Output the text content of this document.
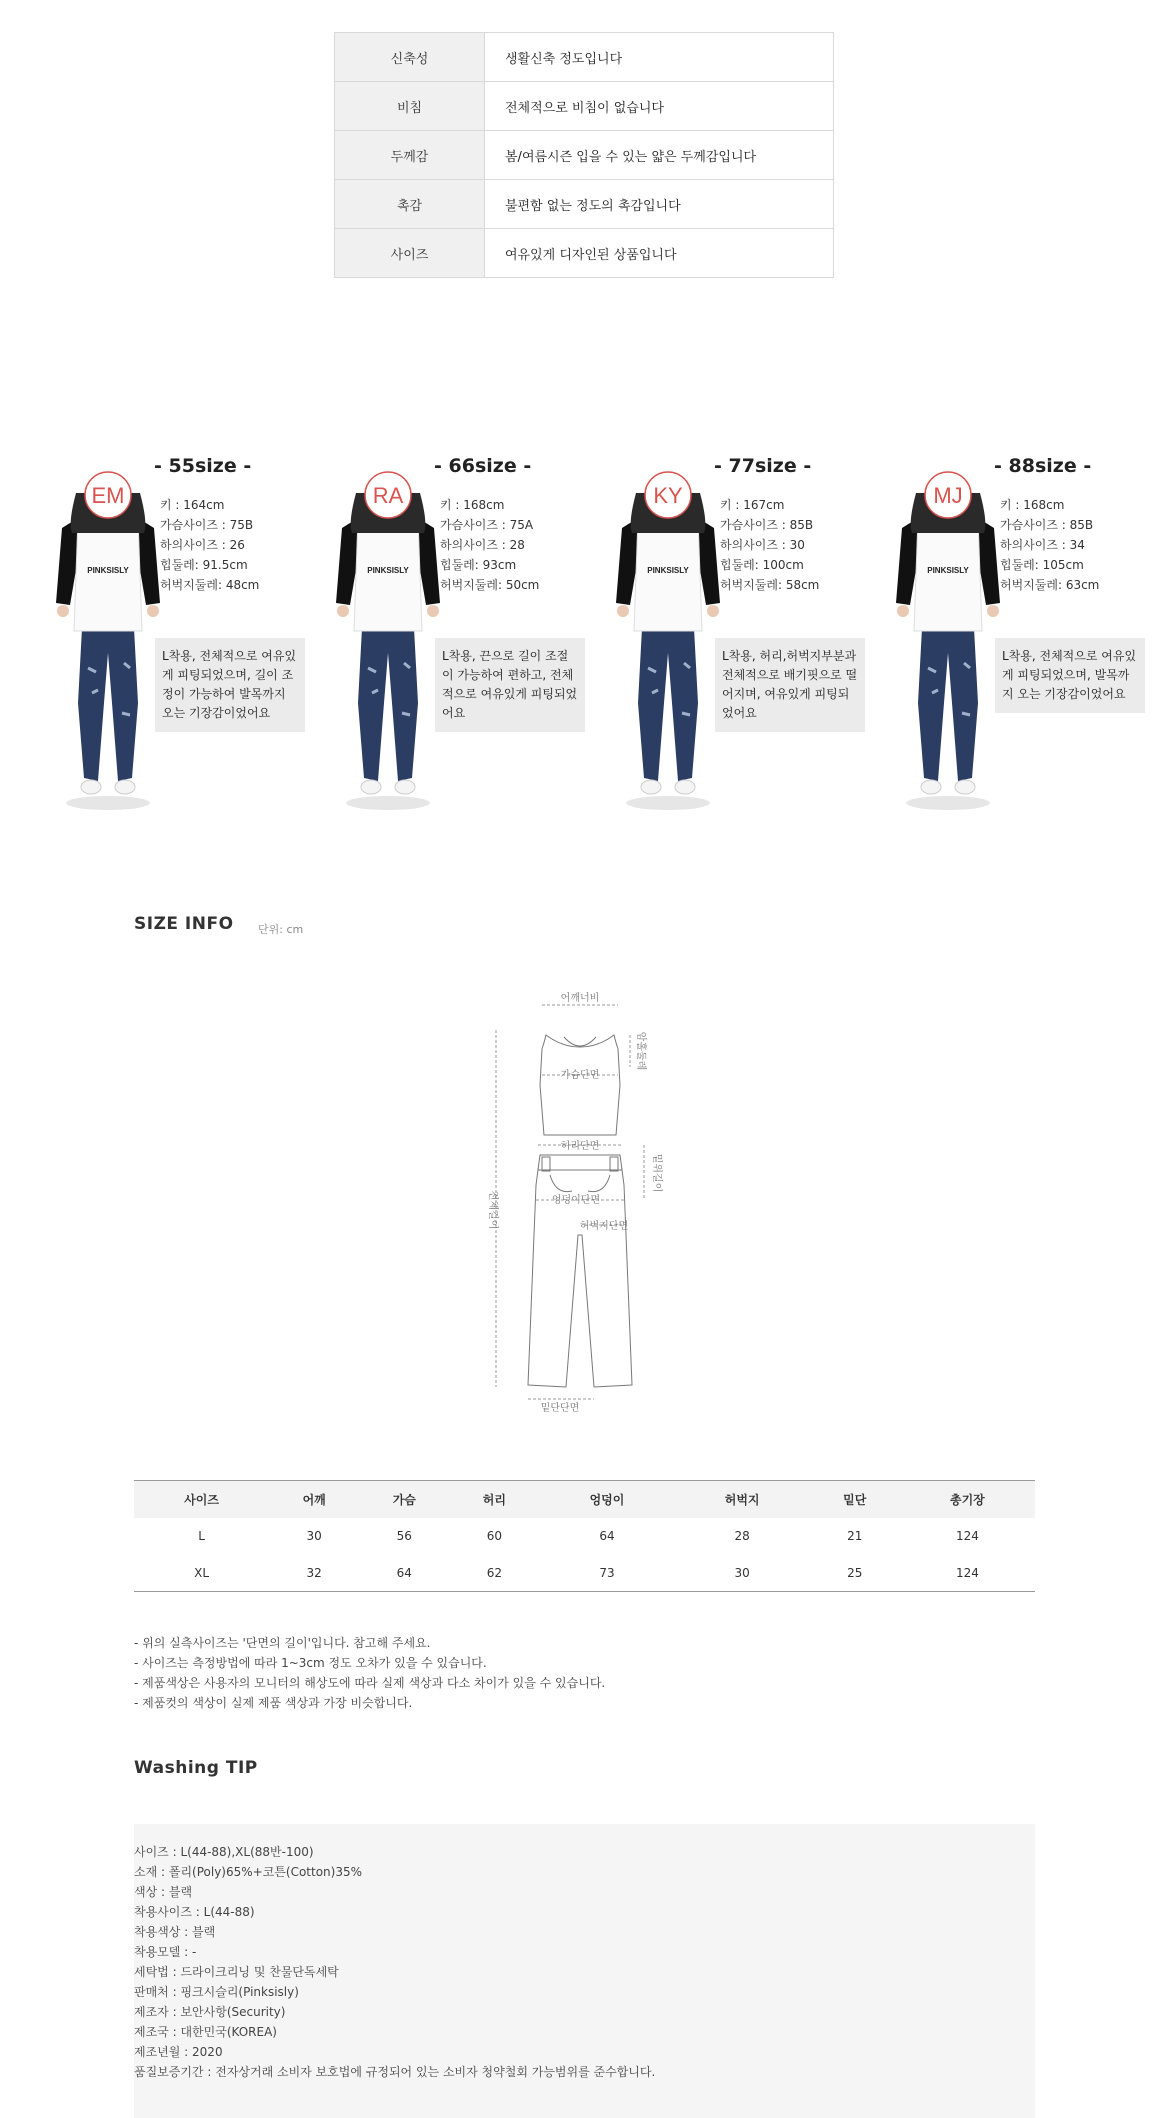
신축성	생활신축 정도입니다
비침	전체적으로 비침이 없습니다
두께감	봄/여름시즌 입을 수 있는 얇은 두께감입니다
촉감	불편함 없는 정도의 촉감입니다
사이즈	여유있게 디자인된 상품입니다
EM
PINKSISLY
- 55size -
키 : 164cm
가슴사이즈 : 75B
하의사이즈 : 26
힙둘레: 91.5cm
허벅지둘레: 48cm
L착용, 전체적으로 여유있게 피팅되었으며, 길이 조정이 가능하여 발목까지 오는 기장감이었어요
RA
PINKSISLY
- 66size -
키 : 168cm
가슴사이즈 : 75A
하의사이즈 : 28
힙둘레: 93cm
허벅지둘레: 50cm
L착용, 끈으로 길이 조절이 가능하여 편하고, 전체적으로 여유있게 피팅되었어요
KY
PINKSISLY
- 77size -
키 : 167cm
가슴사이즈 : 85B
하의사이즈 : 30
힙둘레: 100cm
허벅지둘레: 58cm
L착용, 허리,허벅지부분과 전체적으로 배기핏으로 떨어지며, 여유있게 피팅되었어요
MJ
PINKSISLY
- 88size -
키 : 168cm
가슴사이즈 : 85B
하의사이즈 : 34
힙둘레: 105cm
허벅지둘레: 63cm
L착용, 전체적으로 여유있게 피팅되었으며, 발목까지 오는 기장감이었어요
SIZE INFO 단위: cm
어깨너비
가슴단면
허리단면
엉덩이단면
허벅지단면
밑단단면
전체길이
밑위길이
암홀둘레
사이즈	어깨	가슴	허리	엉덩이	허벅지	밑단	총기장
L	30	56	60	64	28	21	124
XL	32	64	62	73	30	25	124
- 위의 실측사이즈는 '단면의 길이'입니다. 참고해 주세요.
- 사이즈는 측정방법에 따라 1~3cm 정도 오차가 있을 수 있습니다.
- 제품색상은 사용자의 모니터의 해상도에 따라 실제 색상과 다소 차이가 있을 수 있습니다.
- 제품컷의 색상이 실제 제품 색상과 가장 비슷합니다.
Washing TIP
사이즈 : L(44-88),XL(88반-100)
소재 : 폴리(Poly)65%+코튼(Cotton)35%
색상 : 블랙
착용사이즈 : L(44-88)
착용색상 : 블랙
착용모델 : -
세탁법 : 드라이크리닝 및 찬물단독세탁
판매처 : 핑크시슬리(Pinksisly)
제조자 : 보안사항(Security)
제조국 : 대한민국(KOREA)
제조년월 : 2020
품질보증기간 : 전자상거래 소비자 보호법에 규정되어 있는 소비자 청약철회 가능범위를 준수합니다.
